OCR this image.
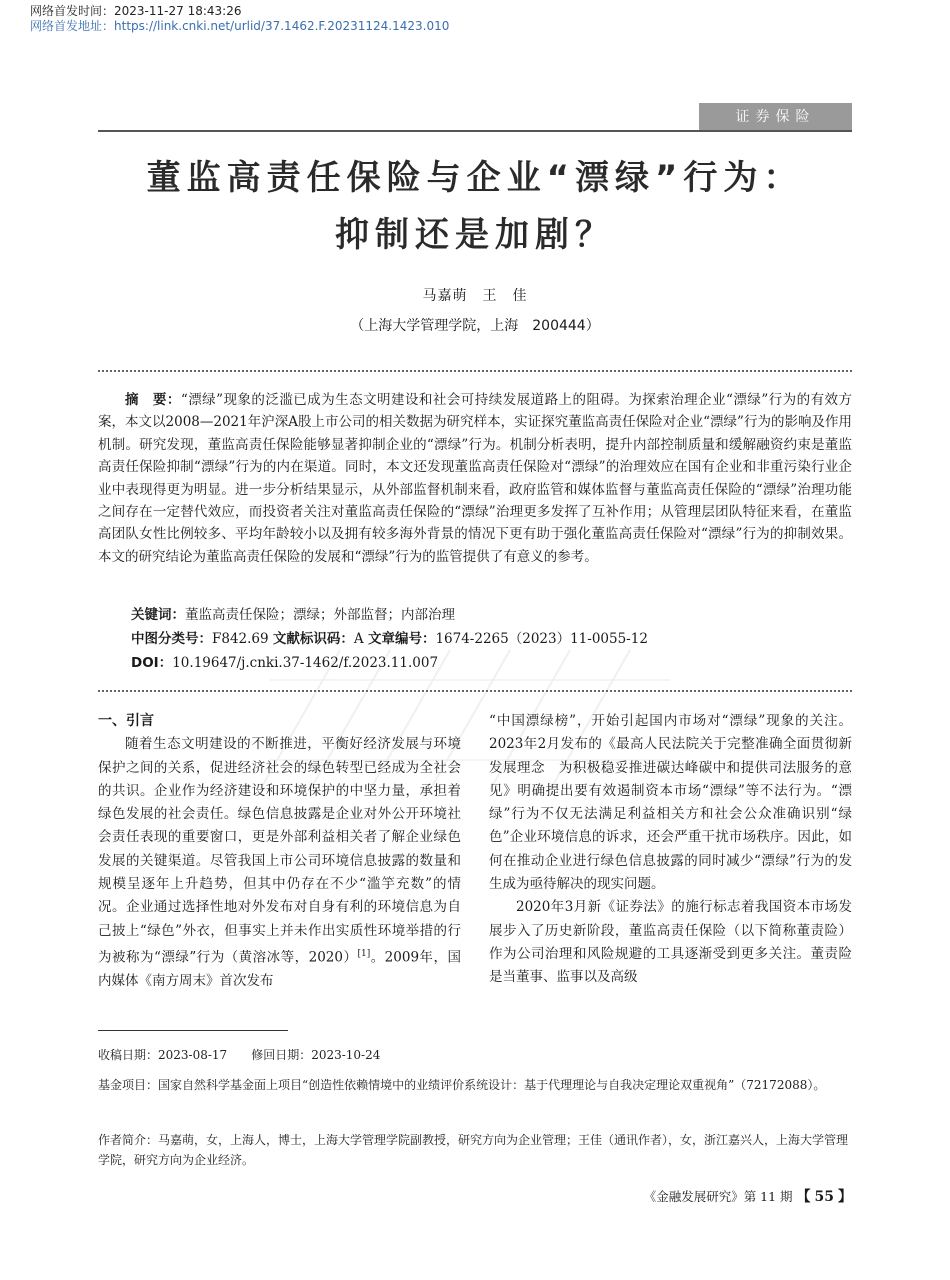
网络首发时间：2023-11-27 18:43:26
网络首发地址：https://link.cnki.net/urlid/37.1462.F.20231124.1423.010
证券保险
董监高责任保险与企业“漂绿”行为：
抑制还是加剧？
马嘉萌　王　佳
（上海大学管理学院，上海　200444）
摘　要：“漂绿”现象的泛滥已成为生态文明建设和社会可持续发展道路上的阻碍。为探索治理企业“漂绿”行为的有效方案，本文以2008—2021年沪深A股上市公司的相关数据为研究样本，实证探究董监高责任保险对企业“漂绿”行为的影响及作用机制。研究发现，董监高责任保险能够显著抑制企业的“漂绿”行为。机制分析表明，提升内部控制质量和缓解融资约束是董监高责任保险抑制“漂绿”行为的内在渠道。同时，本文还发现董监高责任保险对“漂绿”的治理效应在国有企业和非重污染行业企业中表现得更为明显。进一步分析结果显示，从外部监督机制来看，政府监管和媒体监督与董监高责任保险的“漂绿”治理功能之间存在一定替代效应，而投资者关注对董监高责任保险的“漂绿”治理更多发挥了互补作用；从管理层团队特征来看，在董监高团队女性比例较多、平均年龄较小以及拥有较多海外背景的情况下更有助于强化董监高责任保险对“漂绿”行为的抑制效果。本文的研究结论为董监高责任保险的发展和“漂绿”行为的监管提供了有意义的参考。
关键词：董监高责任保险；漂绿；外部监督；内部治理
中图分类号：F842.69 文献标识码：A 文章编号：1674-2265（2023）11-0055-12
DOI：10.19647/j.cnki.37-1462/f.2023.11.007
一、引言

随着生态文明建设的不断推进，平衡好经济发展与环境保护之间的关系，促进经济社会的绿色转型已经成为全社会的共识。企业作为经济建设和环境保护的中坚力量，承担着绿色发展的社会责任。绿色信息披露是企业对外公开环境社会责任表现的重要窗口，更是外部利益相关者了解企业绿色发展的关键渠道。尽管我国上市公司环境信息披露的数量和规模呈逐年上升趋势，但其中仍存在不少“滥竽充数”的情况。企业通过选择性地对外发布对自身有利的环境信息为自己披上“绿色”外衣，但事实上并未作出实质性环境举措的行为被称为“漂绿”行为（黄溶冰等，2020）[1]。2009年，国内媒体《南方周末》首次发布

“中国漂绿榜”，开始引起国内市场对“漂绿”现象的关注。2023年2月发布的《最高人民法院关于完整准确全面贯彻新发展理念　为积极稳妥推进碳达峰碳中和提供司法服务的意见》明确提出要有效遏制资本市场“漂绿”等不法行为。“漂绿”行为不仅无法满足利益相关方和社会公众准确识别“绿色”企业环境信息的诉求，还会严重干扰市场秩序。因此，如何在推动企业进行绿色信息披露的同时减少“漂绿”行为的发生成为亟待解决的现实问题。

2020年3月新《证券法》的施行标志着我国资本市场发展步入了历史新阶段，董监高责任保险（以下简称董责险）作为公司治理和风险规避的工具逐渐受到更多关注。董责险是当董事、监事以及高级

收稿日期：2023-08-17　　修回日期：2023-10-24
基金项目：国家自然科学基金面上项目“创造性依赖情境中的业绩评价系统设计：基于代理理论与自我决定理论双重视角”（72172088）。
作者简介：马嘉萌，女，上海人，博士，上海大学管理学院副教授，研究方向为企业管理；王佳（通讯作者），女，浙江嘉兴人，上海大学管理学院，研究方向为企业经济。
《金融发展研究》第 11 期 【 55 】
